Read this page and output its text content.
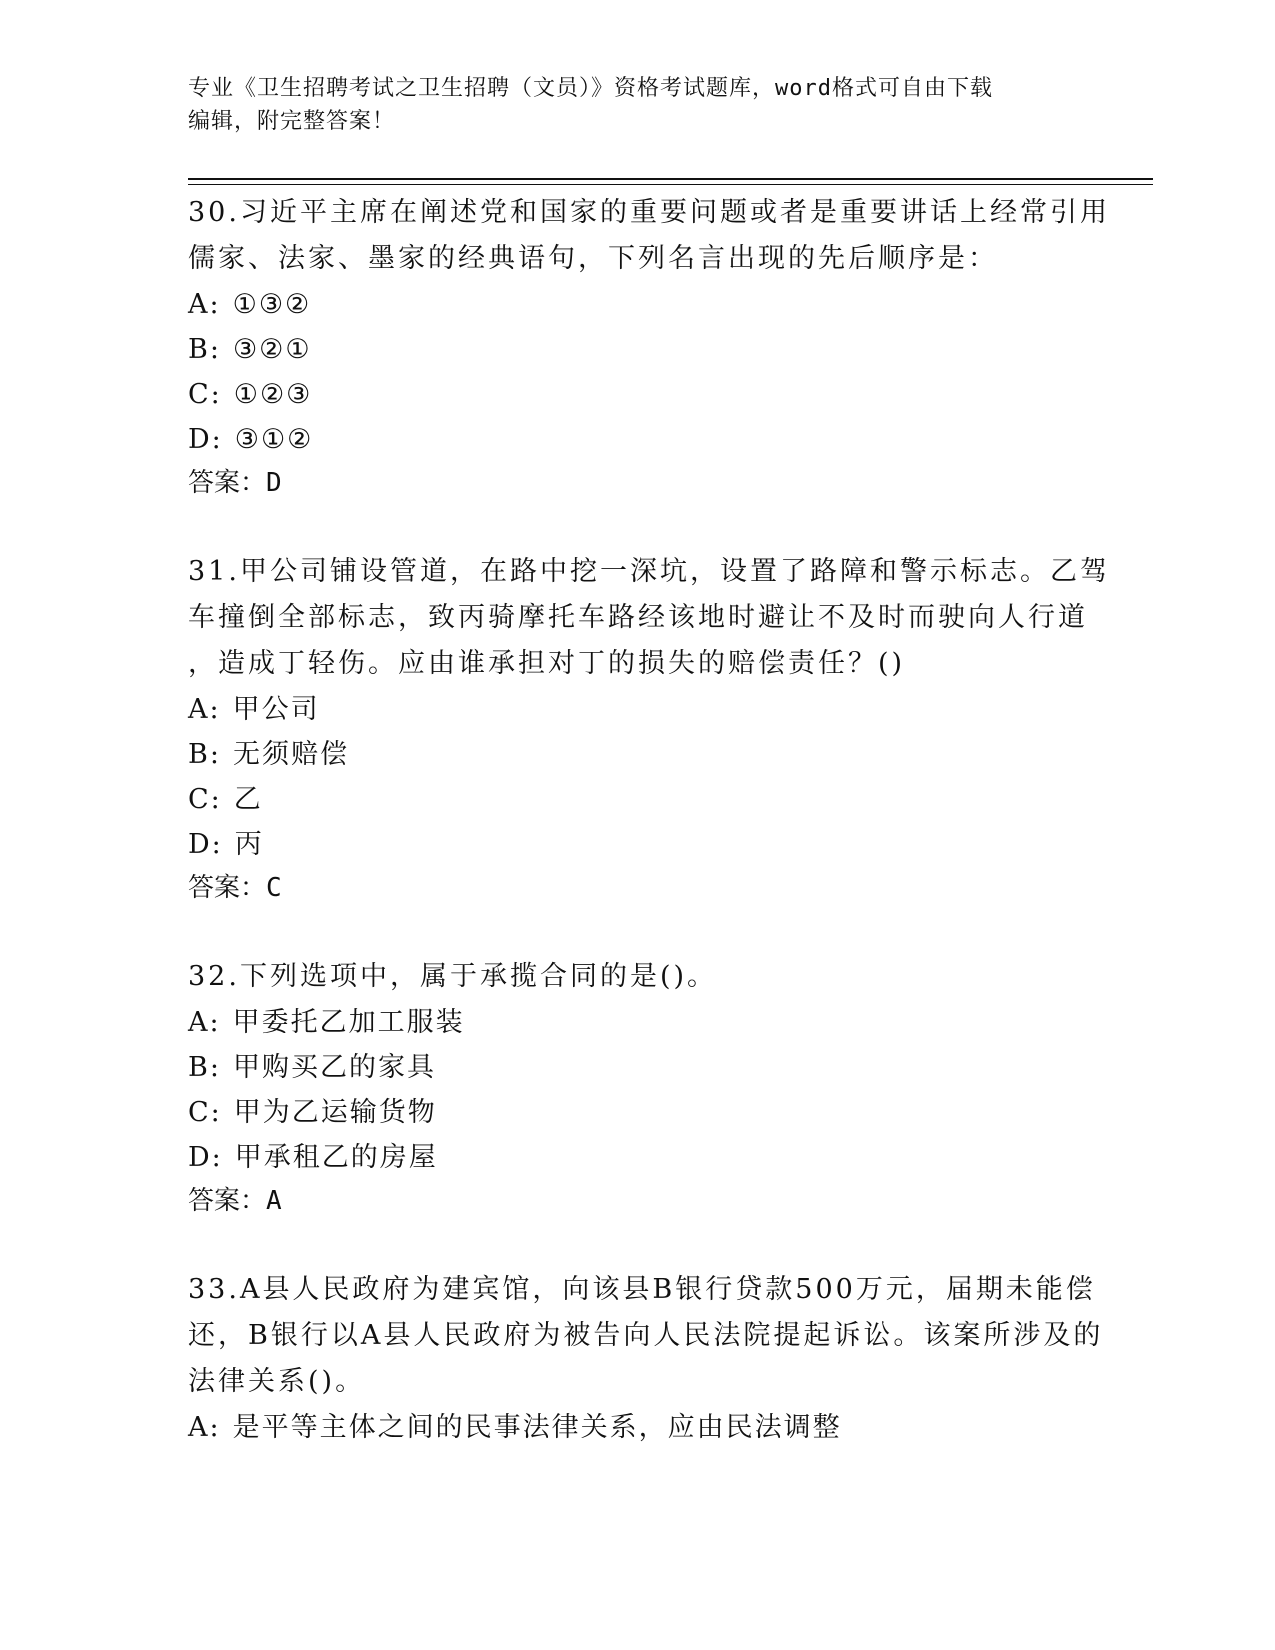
专业《卫生招聘考试之卫生招聘（文员）》资格考试题库，word格式可自由下载
编辑，附完整答案！
30.习近平主席在阐述党和国家的重要问题或者是重要讲话上经常引用
儒家、法家、墨家的经典语句，下列名言出现的先后顺序是：
A: ①③②
B: ③②①
C: ①②③
D: ③①②
答案：D
31.甲公司铺设管道，在路中挖一深坑，设置了路障和警示标志。乙驾
车撞倒全部标志，致丙骑摩托车路经该地时避让不及时而驶向人行道
，造成丁轻伤。应由谁承担对丁的损失的赔偿责任？()
A: 甲公司
B: 无须赔偿
C: 乙
D: 丙
答案：C
32.下列选项中，属于承揽合同的是()。
A: 甲委托乙加工服装
B: 甲购买乙的家具
C: 甲为乙运输货物
D: 甲承租乙的房屋
答案：A
33.A县人民政府为建宾馆，向该县B银行贷款500万元，届期未能偿
还，B银行以A县人民政府为被告向人民法院提起诉讼。该案所涉及的
法律关系()。
A: 是平等主体之间的民事法律关系，应由民法调整
